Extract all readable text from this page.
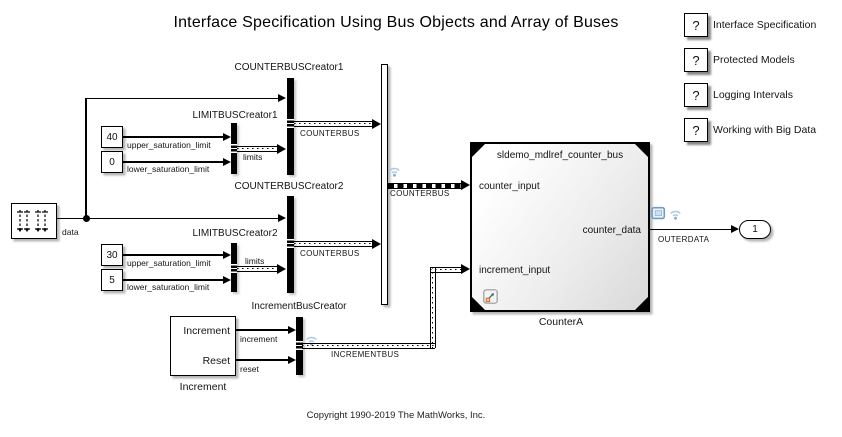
Interface Specification Using Bus Objects and Array of Buses
Copyright 1990-2019 The MathWorks, Inc.
?	Interface Specification
?	Protected Models
?	Logging Intervals
?	Working with Big Data
data
40
0
30
5
upper_saturation_limit
lower_saturation_limit
upper_saturation_limit
lower_saturation_limit
LIMITBUSCreator1
LIMITBUSCreator2
limits
limits
COUNTERBUSCreator1
COUNTERBUSCreator2
COUNTERBUS
COUNTERBUS
COUNTERBUS
Increment
Reset
Increment
increment
reset
IncrementBusCreator
INCREMENTBUS
sldemo_mdlref_counter_bus
counter_input
increment_input
counter_data
CounterA
OUTERDATA
1
